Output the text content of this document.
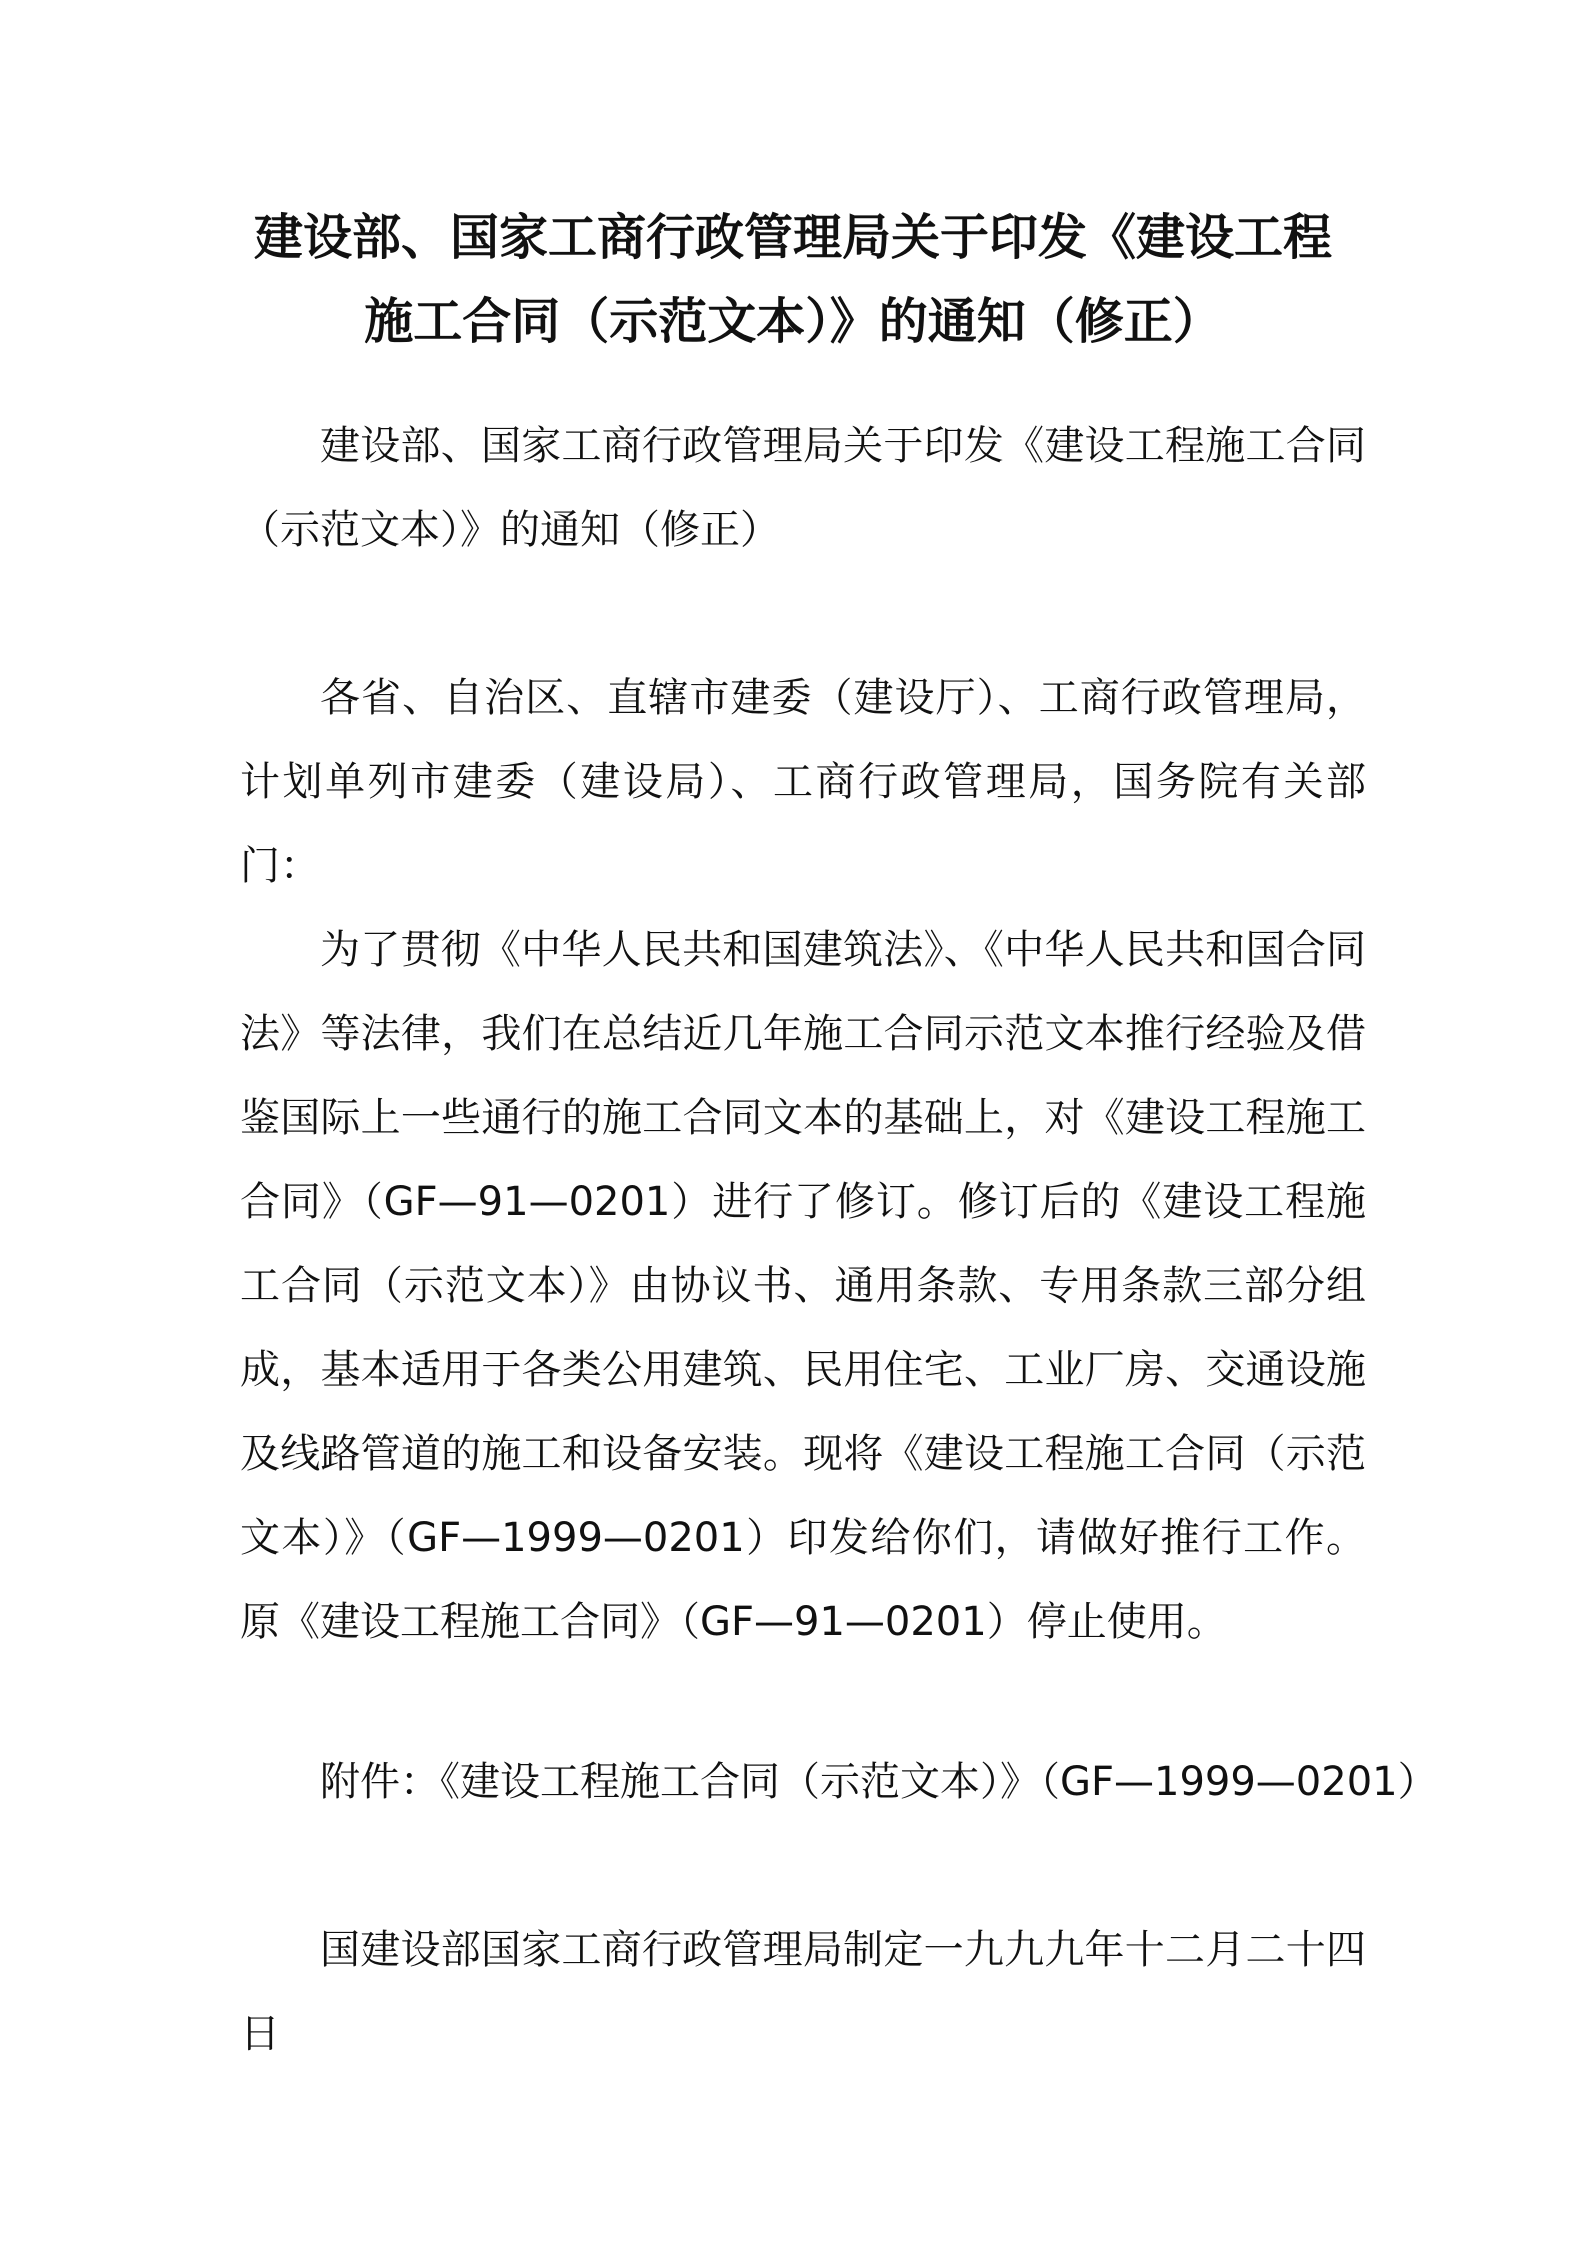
建设部、国家工商行政管理局关于印发《建设工程施工合同（示范文本）》的通知（修正）

建设部、国家工商行政管理局关于印发《建设工程施工合同（示范文本）》的通知（修正）

各省、自治区、直辖市建委（建设厅）、工商行政管理局，计划单列市建委（建设局）、工商行政管理局，国务院有关部门：

为了贯彻《中华人民共和国建筑法》、《中华人民共和国合同法》等法律，我们在总结近几年施工合同示范文本推行经验及借鉴国际上一些通行的施工合同文本的基础上，对《建设工程施工合同》（GF—91—0201）进行了修订。修订后的《建设工程施工合同（示范文本）》由协议书、通用条款、专用条款三部分组成，基本适用于各类公用建筑、民用住宅、工业厂房、交通设施及线路管道的施工和设备安装。现将《建设工程施工合同（示范文本）》（GF—1999—0201）印发给你们，请做好推行工作。原《建设工程施工合同》（GF—91—0201）停止使用。

附件：《建设工程施工合同（示范文本）》（GF—1999—0201）

国建设部国家工商行政管理局制定一九九九年十二月二十四日
